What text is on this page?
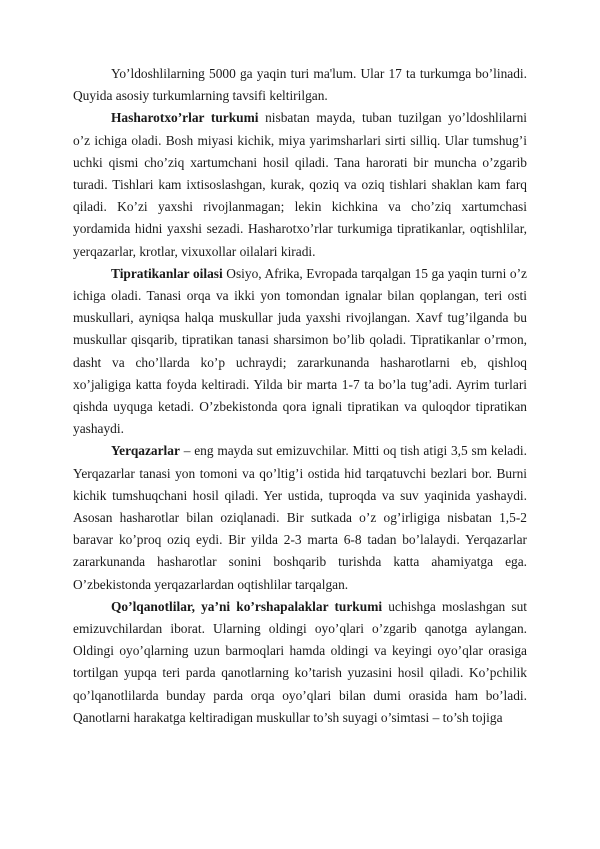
Yo’ldoshlilarning 5000 ga yaqin turi ma'lum. Ular 17 ta turkumga bo’linadi. Quyida asosiy turkumlarning tavsifi keltirilgan.

Hasharotxo’rlar turkumi nisbatan mayda, tuban tuzilgan yo’ldoshlilarni o’z ichiga oladi. Bosh miyasi kichik, miya yarimsharlari sirti silliq. Ular tumshug’i uchki qismi cho’ziq xartumchani hosil qiladi. Tana harorati bir muncha o’zgarib turadi. Tishlari kam ixtisoslashgan, kurak, qoziq va oziq tishlari shaklan kam farq qiladi. Ko’zi yaxshi rivojlanmagan; lekin kichkina va cho’ziq xartumchasi yordamida hidni yaxshi sezadi. Hasharotxo’rlar turkumiga tipratikanlar, oqtishlilar, yerqazarlar, krotlar, vixuxollar oilalari kiradi.

Tipratikanlar oilasi Osiyo, Afrika, Evropada tarqalgan 15 ga yaqin turni o’z ichiga oladi. Tanasi orqa va ikki yon tomondan ignalar bilan qoplangan, teri osti muskullari, ayniqsa halqa muskullar juda yaxshi rivojlangan. Xavf tug’ilganda bu muskullar qisqarib, tipratikan tanasi sharsimon bo’lib qoladi. Tipratikanlar o’rmon, dasht va cho’llarda ko’p uchraydi; zararkunanda hasharotlarni eb, qishloq xo’jaligiga katta foyda keltiradi. Yilda bir marta 1-7 ta bo’la tug’adi. Ayrim turlari qishda uyquga ketadi. O’zbekistonda qora ignali tipratikan va quloqdor tipratikan yashaydi.

Yerqazarlar – eng mayda sut emizuvchilar. Mitti oq tish atigi 3,5 sm keladi. Yerqazarlar tanasi yon tomoni va qo’ltig’i ostida hid tarqatuvchi bezlari bor. Burni kichik tumshuqchani hosil qiladi. Yer ustida, tuproqda va suv yaqinida yashaydi. Asosan hasharotlar bilan oziqlanadi. Bir sutkada o’z og’irligiga nisbatan 1,5-2 baravar ko’proq oziq eydi. Bir yilda 2-3 marta 6-8 tadan bo’lalaydi. Yerqazarlar zararkunanda hasharotlar sonini boshqarib turishda katta ahamiyatga ega. O’zbekistonda yerqazarlardan oqtishlilar tarqalgan.

Qo’lqanotlilar, ya’ni ko’rshapalaklar turkumi uchishga moslashgan sut emizuvchilardan iborat. Ularning oldingi oyo’qlari o’zgarib qanotga aylangan. Oldingi oyo’qlarning uzun barmoqlari hamda oldingi va keyingi oyo’qlar orasiga tortilgan yupqa teri parda qanotlarning ko’tarish yuzasini hosil qiladi. Ko’pchilik qo’lqanotlilarda bunday parda orqa oyo’qlari bilan dumi orasida ham bo’ladi. Qanotlarni harakatga keltiradigan muskullar to’sh suyagi o’simtasi – to’sh tojiga
